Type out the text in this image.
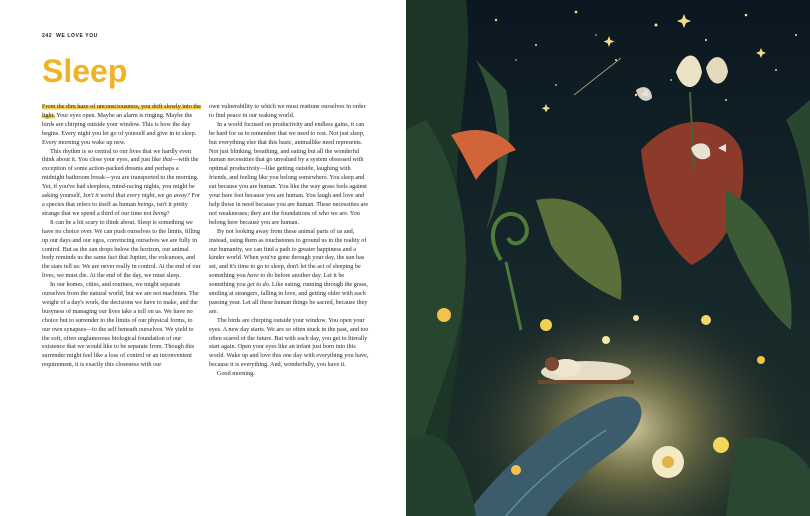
242 WE LOVE YOU
Sleep

From the dim haze of unconsciousness, you drift slowly into the light. Your eyes open. Maybe an alarm is ringing. Maybe the birds are chirping outside your window. This is how the day begins. Every night you let go of yourself and give in to sleep. Every morning you wake up new.

This rhythm is so central to our lives that we hardly even think about it. You close your eyes, and just like that—with the exception of some action-packed dreams and perhaps a midnight bathroom break—you are transported to the morning. Yet, if you've had sleepless, mind-racing nights, you might be asking yourself, Isn't it weird that every night, we go away? For a species that refers to itself as human beings, isn't it pretty strange that we spend a third of our time not being?

It can be a bit scary to think about. Sleep is something we have no choice over. We can push ourselves to the limits, filling up our days and our egos, convincing ourselves we are fully in control. But as the sun drops below the horizon, our animal body reminds us the same fact that Jupiter, the volcanoes, and the stars tell us: We are never really in control. At the end of our lives, we must die. At the end of the day, we must sleep.

In our homes, cities, and routines, we might separate ourselves from the natural world, but we are not machines. The weight of a day's work, the decisions we have to make, and the busyness of managing our lives take a toll on us. We have no choice but to surrender to the limits of our physical forms, to our own synapses—to the self beneath ourselves. We yield to the soft, often unglamorous biological foundation of our existence that we would like to be separate from. Though this surrender might feel like a loss of control or an inconvenient requirement, it is exactly this closeness with our

own vulnerability to which we must reattune ourselves in order to find peace in our waking world.

In a world focused on productivity and endless gains, it can be hard for us to remember that we need to rest. Not just sleep, but everything else that this basic, animallike need represents. Not just blinking, breathing, and eating but all the wonderful human necessities that go unvalued by a system obsessed with optimal productivity—like getting outside, laughing with friends, and feeling like you belong somewhere. You sleep and eat because you are human. You like the way grass feels against your bare feet because you are human. You laugh and love and help those in need because you are human. These necessities are not weaknesses; they are the foundations of who we are. You belong here because you are human.

By not looking away from these animal parts of us and, instead, using them as touchstones to ground us in the reality of our humanity, we can find a path to greater happiness and a kinder world. When you've gone through your day, the sun has set, and it's time to go to sleep, don't let the act of sleeping be something you have to do before another day. Let it be something you get to do. Like eating, running through the grass, smiling at strangers, falling in love, and getting older with each passing year. Let all these human things be sacred, because they are.

The birds are chirping outside your window. You open your eyes. A new day starts. We are so often stuck in the past, and too often scared of the future. But with each day, you get to literally start again. Open your eyes like an infant just born into this world. Wake up and love this one day with everything you have, because it is everything. And, wonderfully, you have it.

Good morning.
